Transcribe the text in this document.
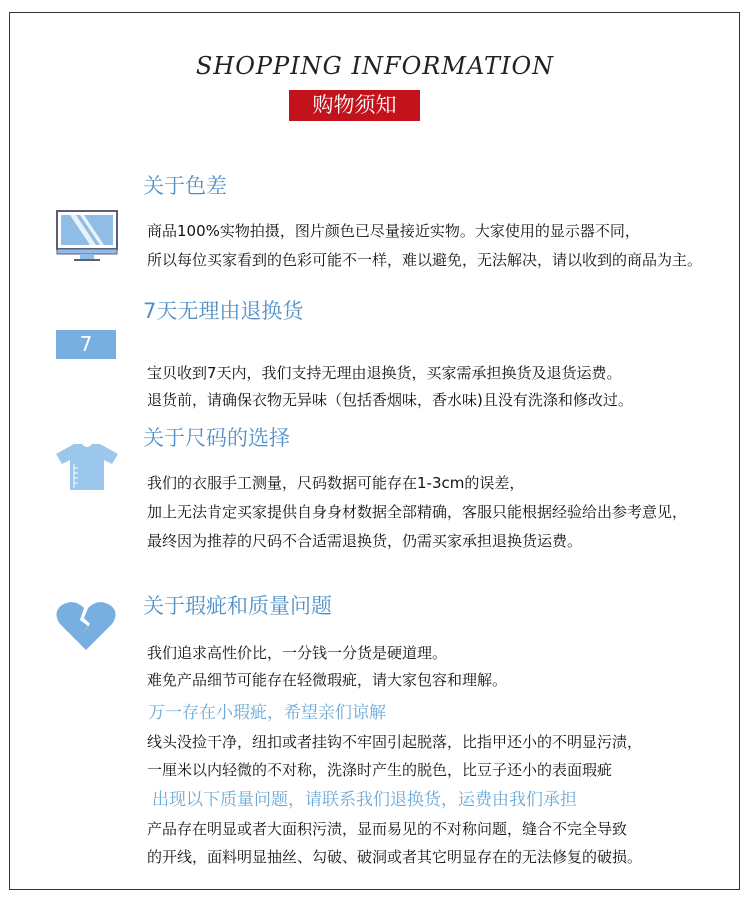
SHOPPING INFORMATION
购物须知
关于色差
商品100%实物拍摄，图片颜色已尽量接近实物。大家使用的显示器不同，
所以每位买家看到的色彩可能不一样，难以避免，无法解决，请以收到的商品为主。
7天无理由退换货
7
宝贝收到7天内，我们支持无理由退换货，买家需承担换货及退货运费。
退货前，请确保衣物无异味（包括香烟味，香水味)且没有洗涤和修改过。
关于尺码的选择
我们的衣服手工测量，尺码数据可能存在1-3cm的误差，
加上无法肯定买家提供自身身材数据全部精确，客服只能根据经验给出参考意见，
最终因为推荐的尺码不合适需退换货，仍需买家承担退换货运费。
关于瑕疵和质量问题
我们追求高性价比，一分钱一分货是硬道理。
难免产品细节可能存在轻微瑕疵，请大家包容和理解。
万一存在小瑕疵，希望亲们谅解
线头没捡干净，纽扣或者挂钩不牢固引起脱落，比指甲还小的不明显污渍，
一厘米以内轻微的不对称，洗涤时产生的脱色，比豆子还小的表面瑕疵
出现以下质量问题，请联系我们退换货，运费由我们承担
产品存在明显或者大面积污渍，显而易见的不对称问题，缝合不完全导致
的开线，面料明显抽丝、勾破、破洞或者其它明显存在的无法修复的破损。
